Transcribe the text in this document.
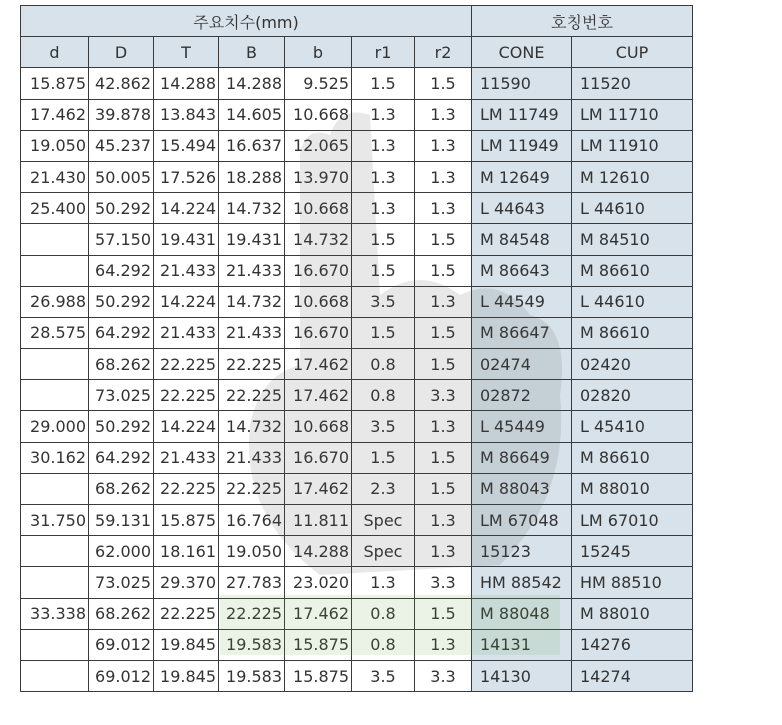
주요치수(mm)							호칭번호	
d	D	T	B	b	r1	r2	CONE	CUP
15.875	42.862	14.288	14.288	9.525	1.5	1.5	11590	11520
17.462	39.878	13.843	14.605	10.668	1.3	1.3	LM 11749	LM 11710
19.050	45.237	15.494	16.637	12.065	1.3	1.3	LM 11949	LM 11910
21.430	50.005	17.526	18.288	13.970	1.3	1.3	M 12649	M 12610
25.400	50.292	14.224	14.732	10.668	1.3	1.3	L 44643	L 44610
	57.150	19.431	19.431	14.732	1.5	1.5	M 84548	M 84510
	64.292	21.433	21.433	16.670	1.5	1.5	M 86643	M 86610
26.988	50.292	14.224	14.732	10.668	3.5	1.3	L 44549	L 44610
28.575	64.292	21.433	21.433	16.670	1.5	1.5	M 86647	M 86610
	68.262	22.225	22.225	17.462	0.8	1.5	02474	02420
	73.025	22.225	22.225	17.462	0.8	3.3	02872	02820
29.000	50.292	14.224	14.732	10.668	3.5	1.3	L 45449	L 45410
30.162	64.292	21.433	21.433	16.670	1.5	1.5	M 86649	M 86610
	68.262	22.225	22.225	17.462	2.3	1.5	M 88043	M 88010
31.750	59.131	15.875	16.764	11.811	Spec	1.3	LM 67048	LM 67010
	62.000	18.161	19.050	14.288	Spec	1.3	15123	15245
	73.025	29.370	27.783	23.020	1.3	3.3	HM 88542	HM 88510
33.338	68.262	22.225	22.225	17.462	0.8	1.5	M 88048	M 88010
	69.012	19.845	19.583	15.875	0.8	1.3	14131	14276
	69.012	19.845	19.583	15.875	3.5	3.3	14130	14274
